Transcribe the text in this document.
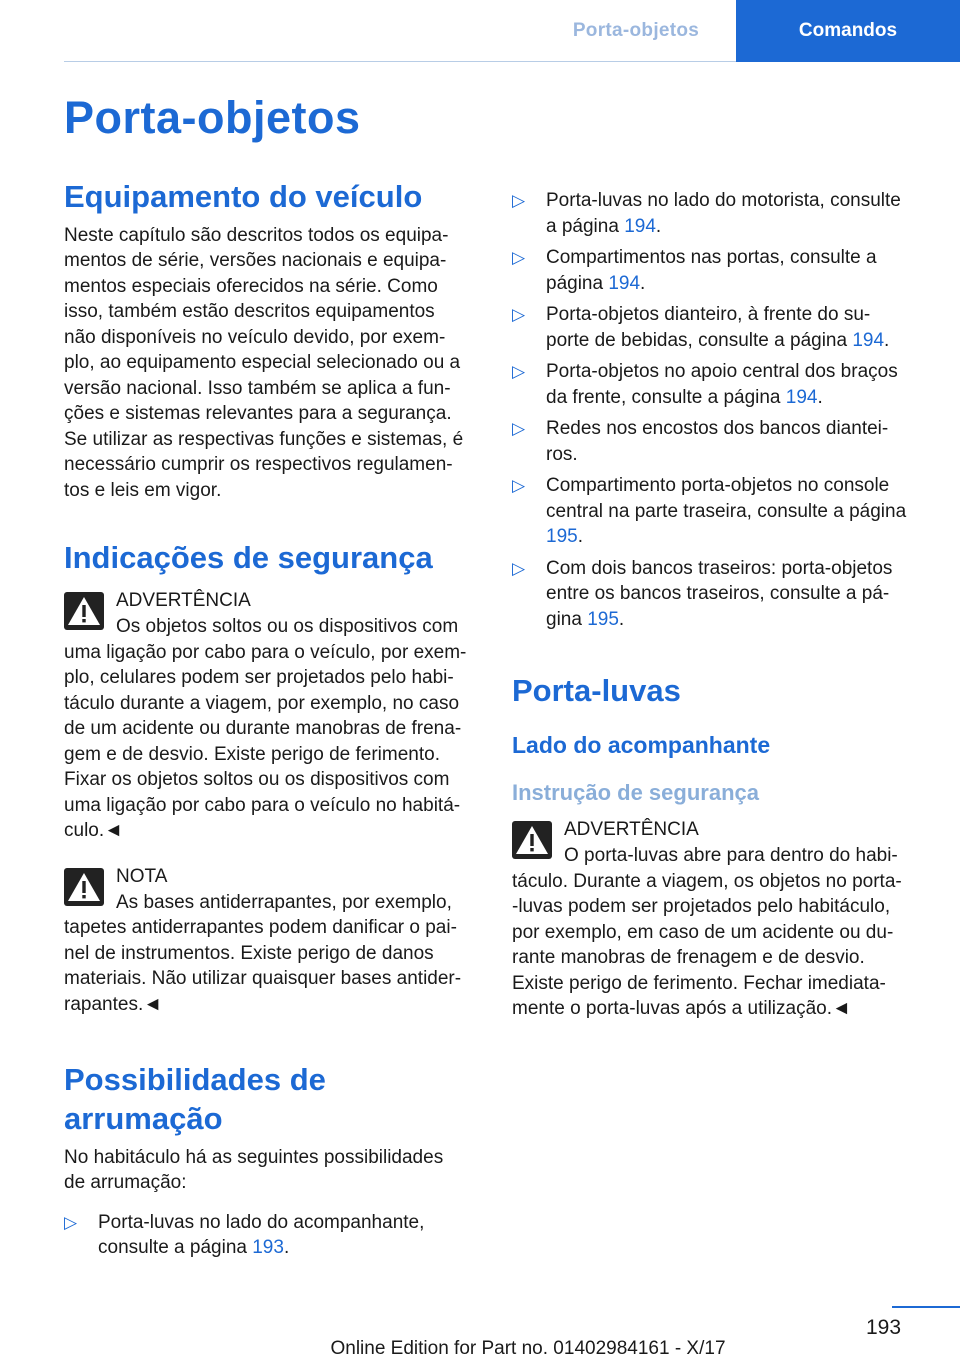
Porta-objetos	Comandos
Porta-objetos
Equipamento do veículo

Neste capítulo são descritos todos os equipa‐

mentos de série, versões nacionais e equipa‐

mentos especiais oferecidos na série. Como

isso, também estão descritos equipamentos

não disponíveis no veículo devido, por exem‐

plo, ao equipamento especial selecionado ou a

versão nacional. Isso também se aplica a fun‐

ções e sistemas relevantes para a segurança.

Se utilizar as respectivas funções e sistemas, é

necessário cumprir os respectivos regulamen‐

tos e leis em vigor.

Indicações de segurança
ADVERTÊNCIA

Os objetos soltos ou os dispositivos com

uma ligação por cabo para o veículo, por exem‐

plo, celulares podem ser projetados pelo habi‐

táculo durante a viagem, por exemplo, no caso

de um acidente ou durante manobras de frena‐

gem e de desvio. Existe perigo de ferimento.

Fixar os objetos soltos ou os dispositivos com

uma ligação por cabo para o veículo no habitá‐

culo.◄

NOTA

As bases antiderrapantes, por exemplo,

tapetes antiderrapantes podem danificar o pai‐

nel de instrumentos. Existe perigo de danos

materiais. Não utilizar quaisquer bases antider‐

rapantes.◄

Possibilidades de arrumação

No habitáculo há as seguintes possibilidades

de arrumação:

▷	Porta-luvas no lado do acompanhante,
consulte a página 193.
▷	Porta-luvas no lado do motorista, consulte
a página 194.
▷	Compartimentos nas portas, consulte a
página 194.
▷	Porta-objetos dianteiro, à frente do su‐
porte de bebidas, consulte a página 194.
▷	Porta-objetos no apoio central dos braços
da frente, consulte a página 194.
▷	Redes nos encostos dos bancos diantei‐
ros.
▷	Compartimento porta-objetos no console
central na parte traseira, consulte a página
195.
▷	Com dois bancos traseiros: porta-objetos
entre os bancos traseiros, consulte a pá‐
gina 195.
Porta-luvas
Lado do acompanhante
Instrução de segurança
ADVERTÊNCIA

O porta-luvas abre para dentro do habi‐

táculo. Durante a viagem, os objetos no porta-

-luvas podem ser projetados pelo habitáculo,

por exemplo, em caso de um acidente ou du‐

rante manobras de frenagem e de desvio.

Existe perigo de ferimento. Fechar imediata‐

mente o porta-luvas após a utilização.◄

193
Online Edition for Part no. 01402984161 - X/17
